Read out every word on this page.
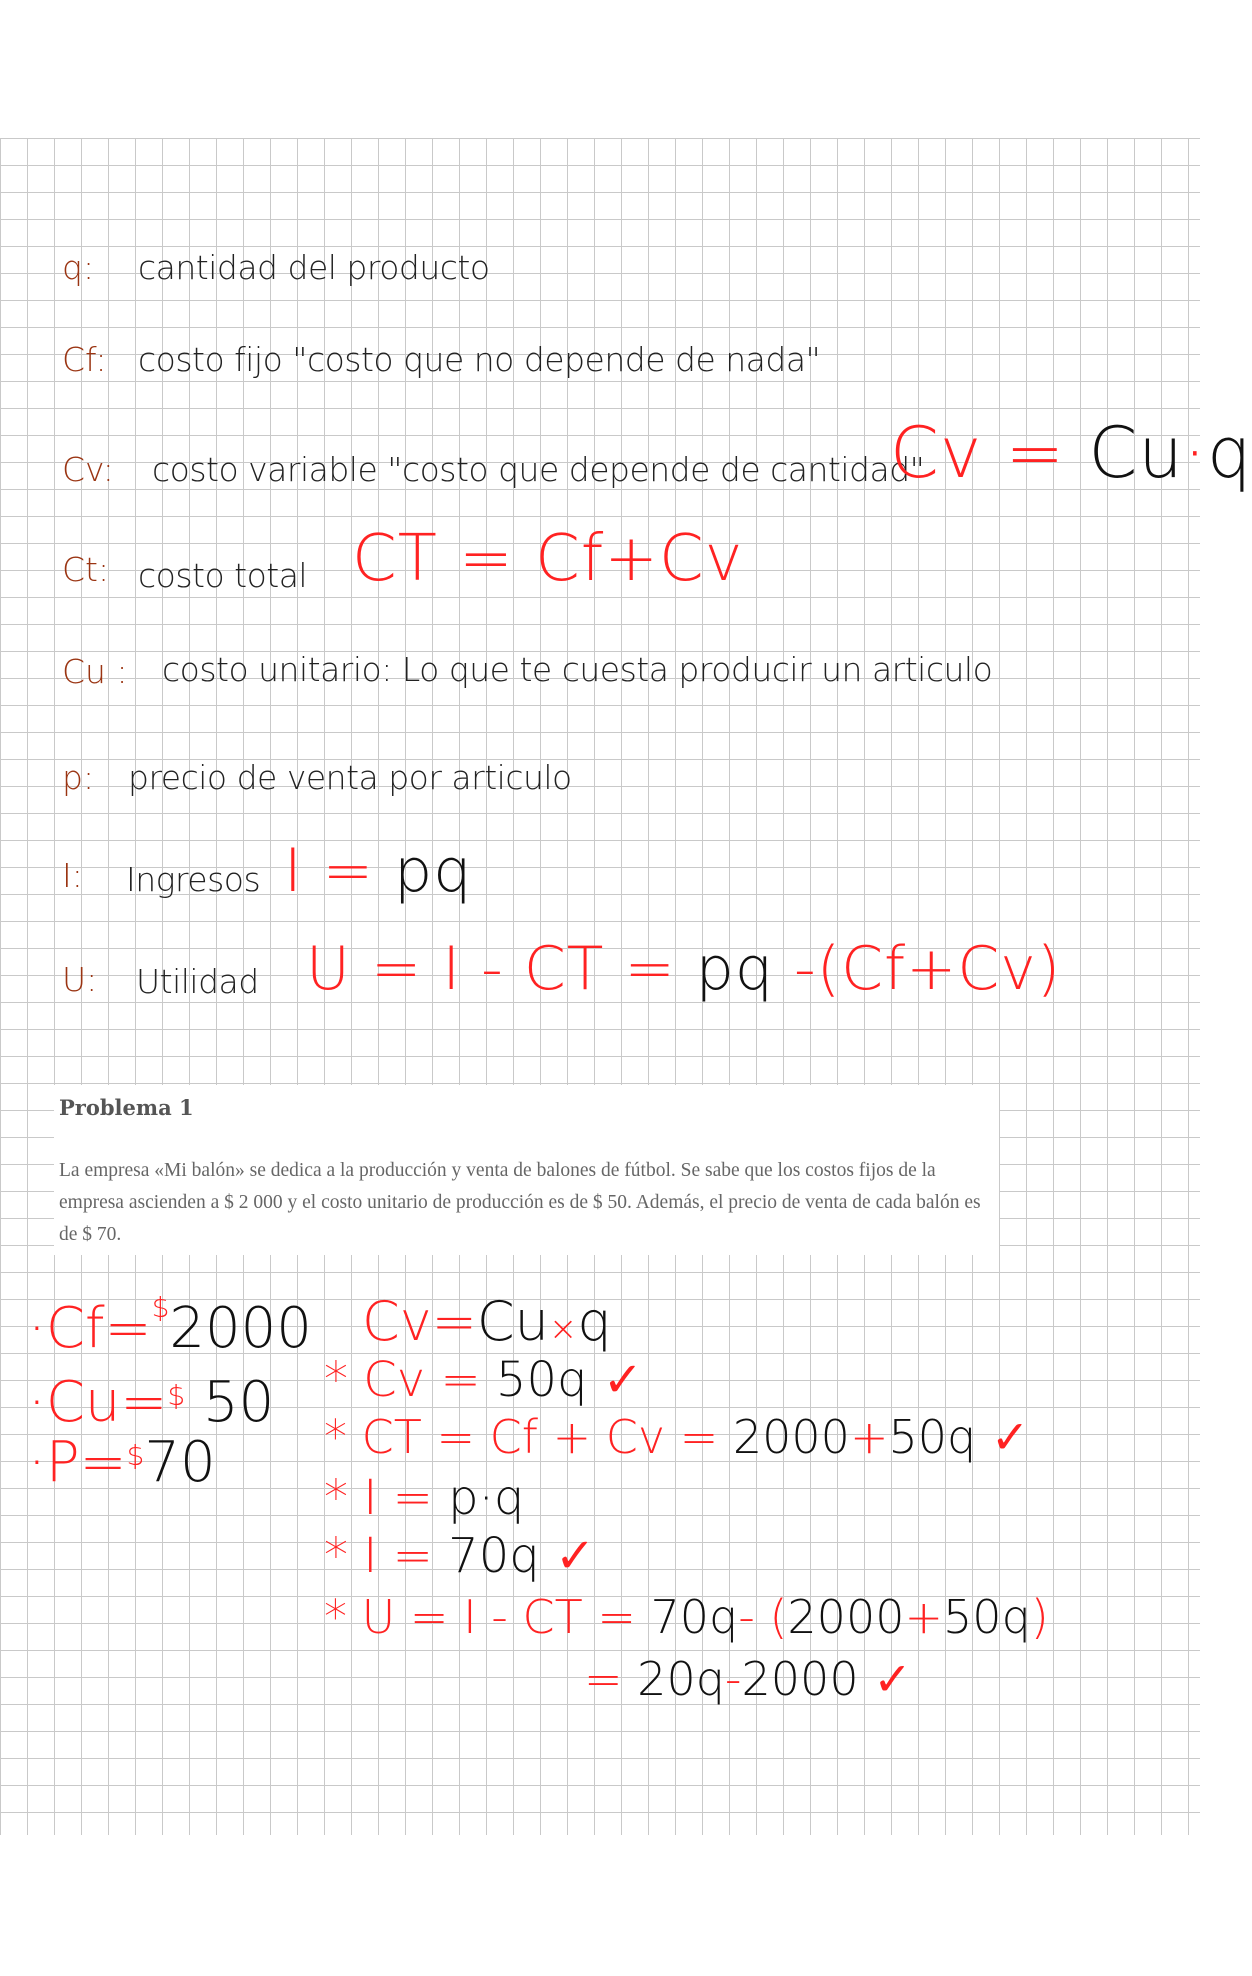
q: cantidad del producto
Cf: costo fijo "costo que no depende de nada"
Cv: costo variable "costo que depende de cantidad"
Ct: costo total
Cu : costo unitario: Lo que te cuesta producir un articulo
p: precio de venta por articulo
I: Ingresos
U: Utilidad
Cv = Cu·q
CT = Cf+Cv
I = pq
U = I - CT = pq -(Cf+Cv)
Problema 1
La empresa «Mi balón» se dedica a la producción y venta de balones de fútbol. Se sabe que los costos fijos de la empresa ascienden a $ 2 000 y el costo unitario de producción es de $ 50. Además, el precio de venta de cada balón es de $ 70.
·Cf=$2000
·Cu=$ 50
·P=$70
Cv=Cu×q
* Cv = 50q ✓
* CT = Cf + Cv = 2000+50q ✓
* I = p·q
* I = 70q ✓
* U = I - CT = 70q- (2000+50q)
= 20q-2000 ✓
